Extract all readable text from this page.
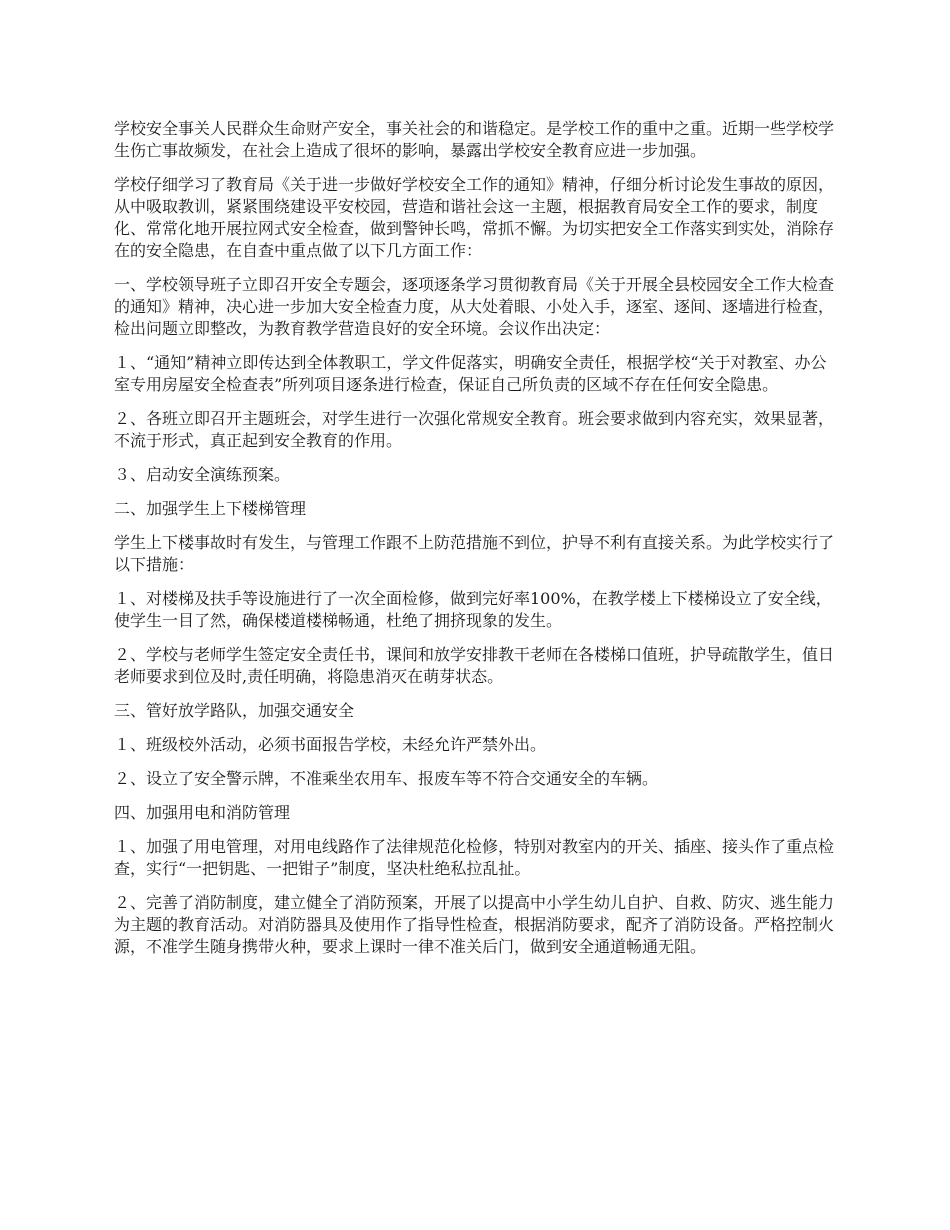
学校安全事关人民群众生命财产安全，事关社会的和谐稳定。是学校工作的重中之重。近期一些学校学生伤亡事故频发，在社会上造成了很坏的影响，暴露出学校安全教育应进一步加强。

学校仔细学习了教育局《关于进一步做好学校安全工作的通知》精神，仔细分析讨论发生事故的原因，从中吸取教训，紧紧围绕建设平安校园，营造和谐社会这一主题，根据教育局安全工作的要求，制度化、常常化地开展拉网式安全检查，做到警钟长鸣，常抓不懈。为切实把安全工作落实到实处，消除存在的安全隐患，在自查中重点做了以下几方面工作：

一、学校领导班子立即召开安全专题会，逐项逐条学习贯彻教育局《关于开展全县校园安全工作大检查的通知》精神，决心进一步加大安全检查力度，从大处着眼、小处入手，逐室、逐间、逐墙进行检查，检出问题立即整改，为教育教学营造良好的安全环境。会议作出决定：

１、“通知”精神立即传达到全体教职工，学文件促落实，明确安全责任，根据学校“关于对教室、办公室专用房屋安全检查表”所列项目逐条进行检查，保证自己所负责的区域不存在任何安全隐患。

２、各班立即召开主题班会，对学生进行一次强化常规安全教育。班会要求做到内容充实，效果显著，不流于形式，真正起到安全教育的作用。

３、启动安全演练预案。

二、加强学生上下楼梯管理

学生上下楼事故时有发生，与管理工作跟不上防范措施不到位，护导不利有直接关系。为此学校实行了以下措施：

１、对楼梯及扶手等设施进行了一次全面检修，做到完好率100%，在教学楼上下楼梯设立了安全线，使学生一目了然，确保楼道楼梯畅通，杜绝了拥挤现象的发生。

２、学校与老师学生签定安全责任书，课间和放学安排教干老师在各楼梯口值班，护导疏散学生，值日老师要求到位及时,责任明确，将隐患消灭在萌芽状态。

三、管好放学路队，加强交通安全

１、班级校外活动，必须书面报告学校，未经允许严禁外出。

２、设立了安全警示牌，不准乘坐农用车、报废车等不符合交通安全的车辆。

四、加强用电和消防管理

１、加强了用电管理，对用电线路作了法律规范化检修，特别对教室内的开关、插座、接头作了重点检查，实行“一把钥匙、一把钳子”制度，坚决杜绝私拉乱扯。

２、完善了消防制度，建立健全了消防预案，开展了以提高中小学生幼儿自护、自救、防灾、逃生能力为主题的教育活动。对消防器具及使用作了指导性检查，根据消防要求，配齐了消防设备。严格控制火源，不准学生随身携带火种，要求上课时一律不准关后门，做到安全通道畅通无阻。
